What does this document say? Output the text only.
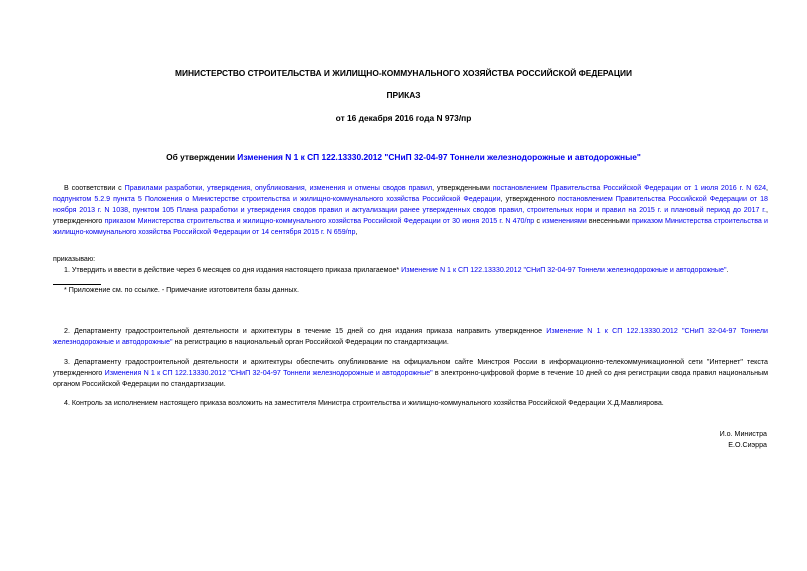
МИНИСТЕРСТВО СТРОИТЕЛЬСТВА И ЖИЛИЩНО-КОММУНАЛЬНОГО ХОЗЯЙСТВА РОССИЙСКОЙ ФЕДЕРАЦИИ
ПРИКАЗ
от 16 декабря 2016 года N 973/пр
Об утверждении Изменения N 1 к СП 122.13330.2012 "СНиП 32-04-97 Тоннели железнодорожные и автодорожные"

В соответствии с Правилами разработки, утверждения, опубликования, изменения и отмены сводов правил, утвержденными постановлением Правительства Российской Федерации от 1 июля 2016 г. N 624, подпунктом 5.2.9 пункта 5 Положения о Министерстве строительства и жилищно-коммунального хозяйства Российской Федерации, утвержденного постановлением Правительства Российской Федерации от 18 ноября 2013 г. N 1038, пунктом 105 Плана разработки и утверждения сводов правил и актуализации ранее утвержденных сводов правил, строительных норм и правил на 2015 г. и плановый период до 2017 г., утвержденного приказом Министерства строительства и жилищно-коммунального хозяйства Российской Федерации от 30 июня 2015 г. N 470/пр с изменениями внесенными приказом Министерства строительства и жилищно-коммунального хозяйства Российской Федерации от 14 сентября 2015 г. N 659/пр,

приказываю:

1. Утвердить и ввести в действие через 6 месяцев со дня издания настоящего приказа прилагаемое* Изменение N 1 к СП 122.13330.2012 "СНиП 32-04-97 Тоннели железнодорожные и автодорожные".

* Приложение см. по ссылке. - Примечание изготовителя базы данных.

2. Департаменту градостроительной деятельности и архитектуры в течение 15 дней со дня издания приказа направить утвержденное Изменение N 1 к СП 122.13330.2012 "СНиП 32-04-97 Тоннели железнодорожные и автодорожные" на регистрацию в национальный орган Российской Федерации по стандартизации.

3. Департаменту градостроительной деятельности и архитектуры обеспечить опубликование на официальном сайте Минстроя России в информационно-телекоммуникационной сети "Интернет" текста утвержденного Изменения N 1 к СП 122.13330.2012 "СНиП 32-04-97 Тоннели железнодорожные и автодорожные" в электронно-цифровой форме в течение 10 дней со дня регистрации свода правил национальным органом Российской Федерации по стандартизации.

4. Контроль за исполнением настоящего приказа возложить на заместителя Министра строительства и жилищно-коммунального хозяйства Российской Федерации Х.Д.Мавлиярова.

И.о. Министра
Е.О.Сиэрра
